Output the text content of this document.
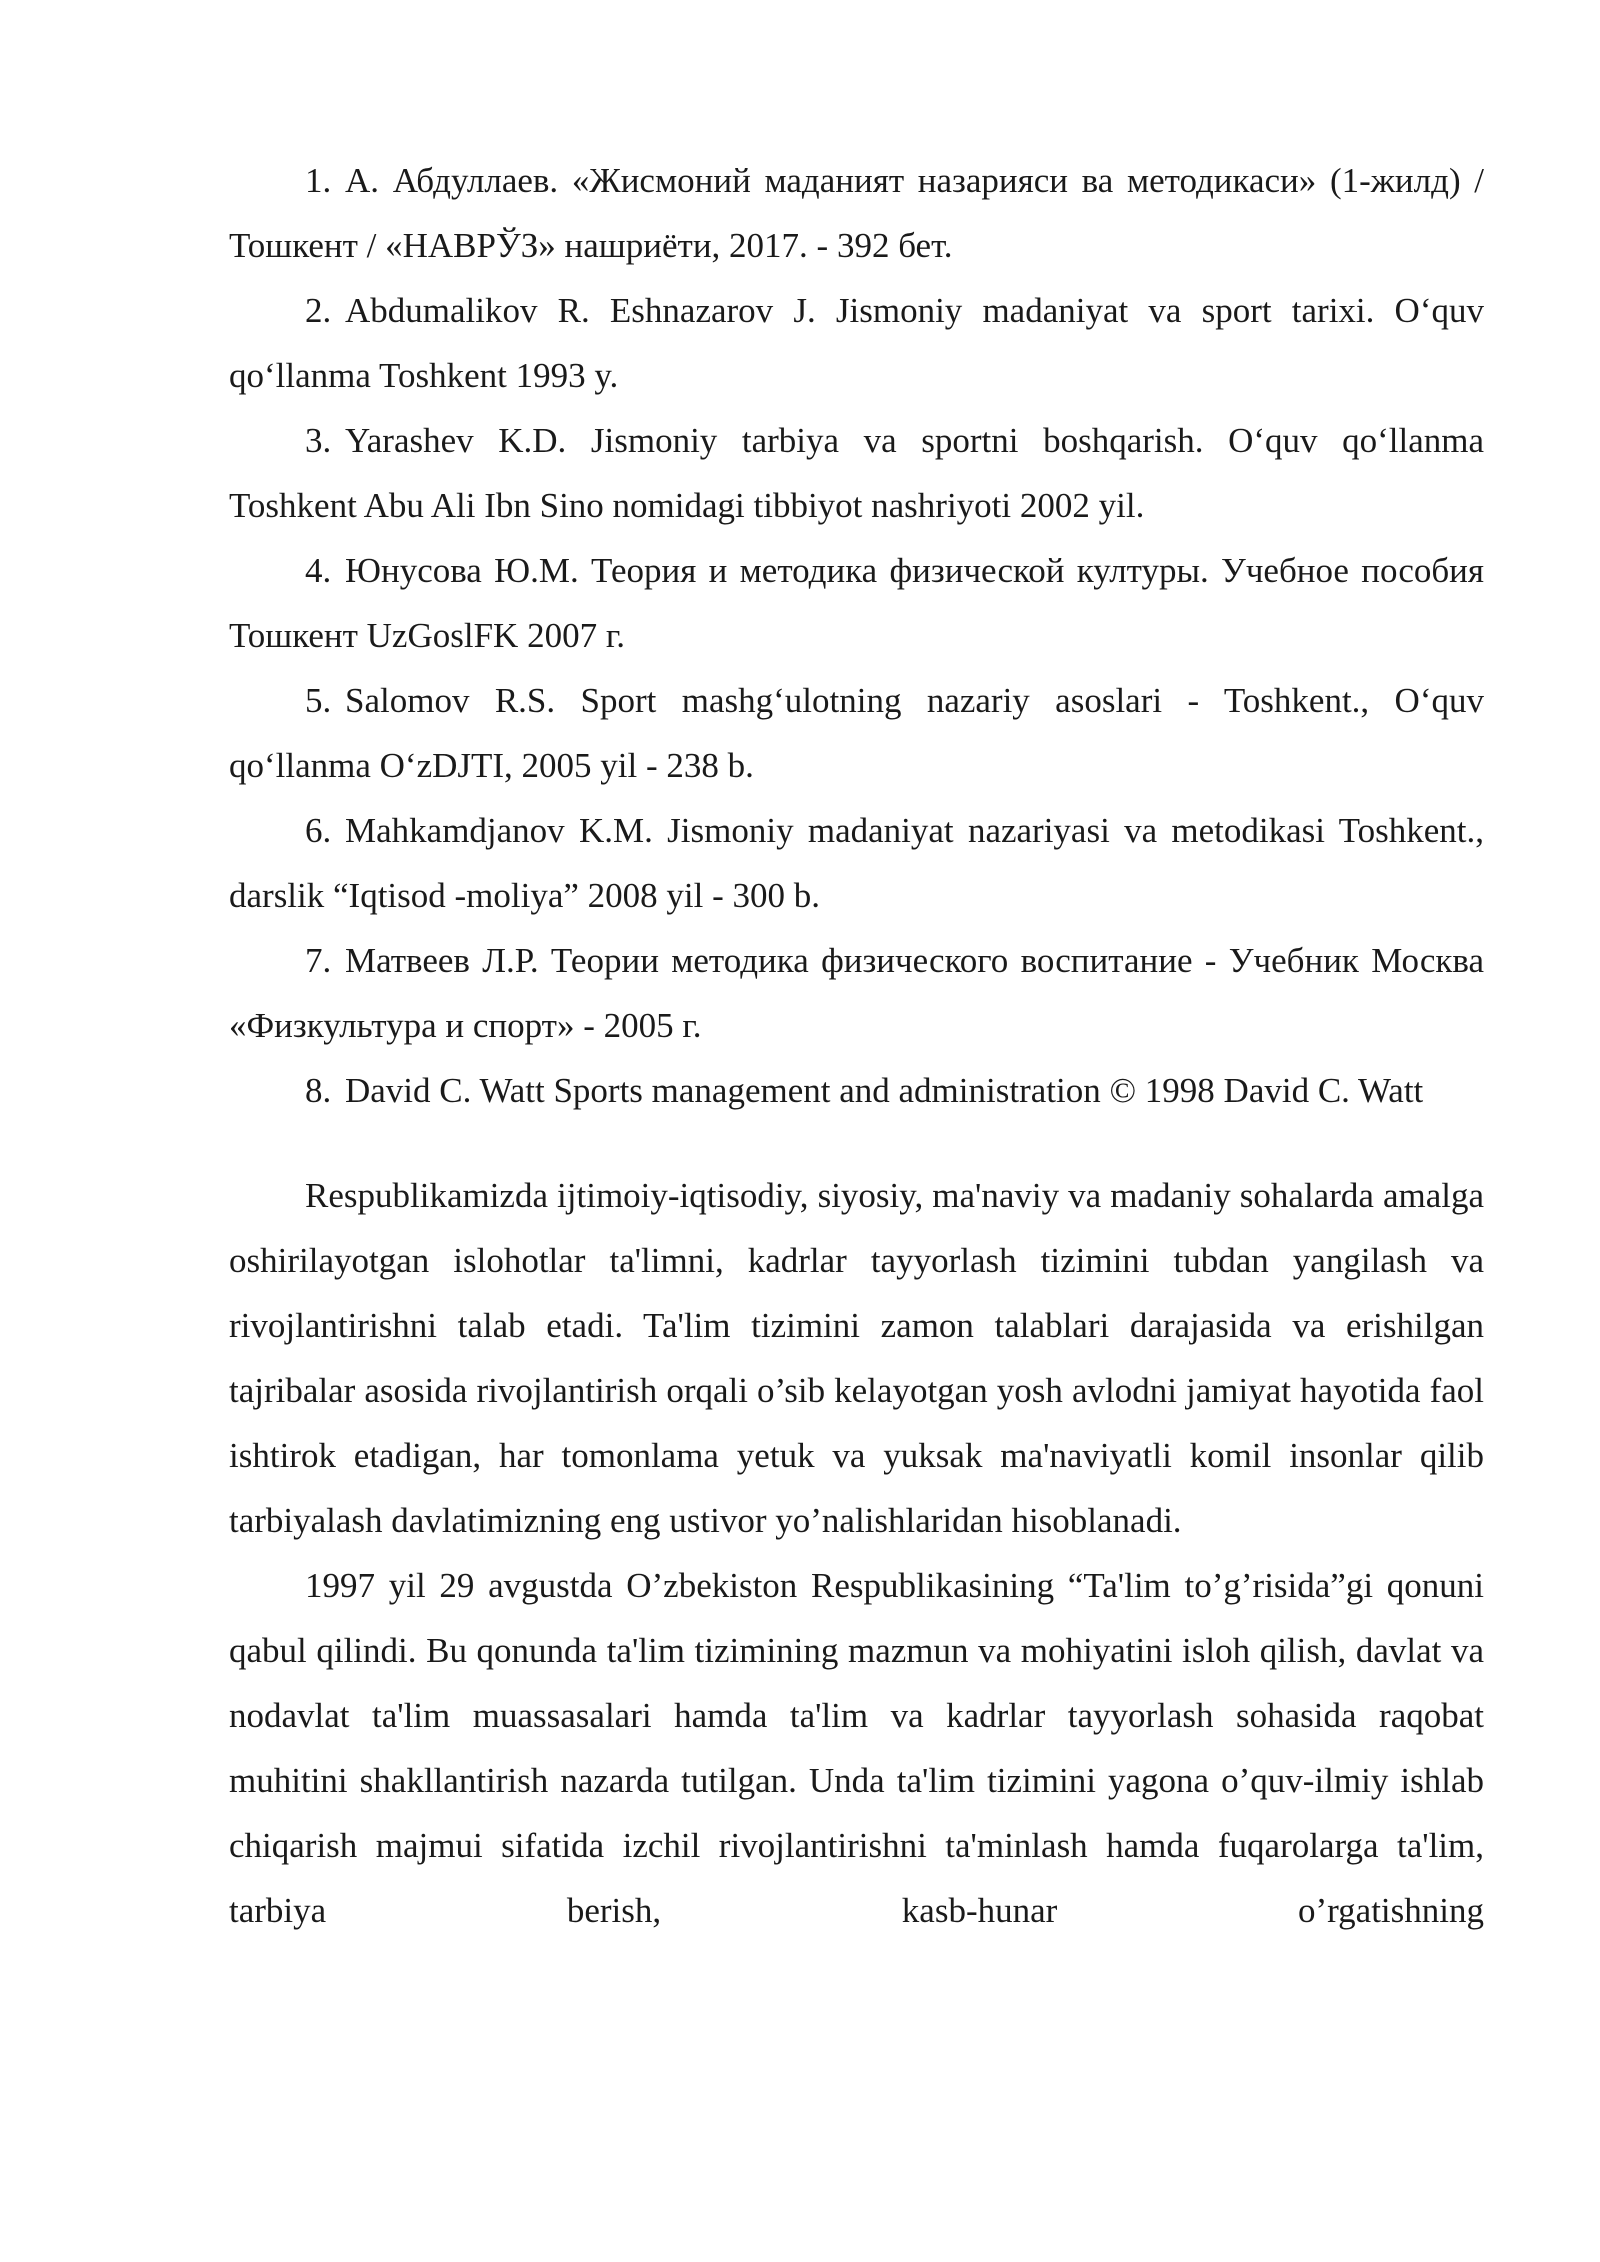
1. А. Абдуллаев. «Жисмоний маданият назарияси ва методикаси» (1-жилд) / Тошкент / «НАВРЎЗ» нашриёти, 2017. - 392 бет.

2. Abdumalikov R. Eshnazarov J. Jismoniy madaniyat va sport tarixi. O‘quv qo‘llanma Toshkent 1993 y.

3. Yarashev K.D. Jismoniy tarbiya va sportni boshqarish. O‘quv qo‘llanma Toshkent Abu Ali Ibn Sino nomidagi tibbiyot nashriyoti 2002 yil.

4. Юнусова Ю.М. Теория и методика физической културы. Учебное пособия Тошкент UzGoslFK 2007 г.

5. Salomov R.S. Sport mashg‘ulotning nazariy asoslari - Toshkent., O‘quv qo‘llanma O‘zDJTI, 2005 yil - 238 b.

6. Mahkamdjanov K.M. Jismoniy madaniyat nazariyasi va metodikasi Toshkent., darslik “Iqtisod -moliya” 2008 yil - 300 b.

7. Матвеев Л.Р. Теории методика физического воспитание - Учебник Москва «Физкультура и спорт» - 2005 г.

8. David C. Watt Sports management and administration © 1998 David C. Watt

Respublikamizda ijtimoiy-iqtisodiy, siyosiy, ma'naviy va madaniy sohalarda amalga oshirilayotgan islohotlar ta'limni, kadrlar tayyorlash tizimini tubdan yangilash va rivojlantirishni talab etadi. Ta'lim tizimini zamon talablari darajasida va erishilgan tajribalar asosida rivojlantirish orqali o’sib kelayotgan yosh avlodni jamiyat hayotida faol ishtirok etadigan, har tomonlama yetuk va yuksak ma'naviyatli komil insonlar qilib tarbiyalash davlatimizning eng ustivor yo’nalishlaridan hisoblanadi.

1997 yil 29 avgustda O’zbekiston Respublikasining “Ta'lim to’g’risida”gi qonuni qabul qilindi. Bu qonunda ta'lim tizimining mazmun va mohiyatini isloh qilish, davlat va nodavlat ta'lim muassasalari hamda ta'lim va kadrlar tayyorlash sohasida raqobat muhitini shakllantirish nazarda tutilgan. Unda ta'lim tizimini yagona o’quv-ilmiy ishlab chiqarish majmui sifatida izchil rivojlantirishni ta'minlash hamda fuqarolarga ta'lim, tarbiya berish, kasb-hunar o’rgatishning
